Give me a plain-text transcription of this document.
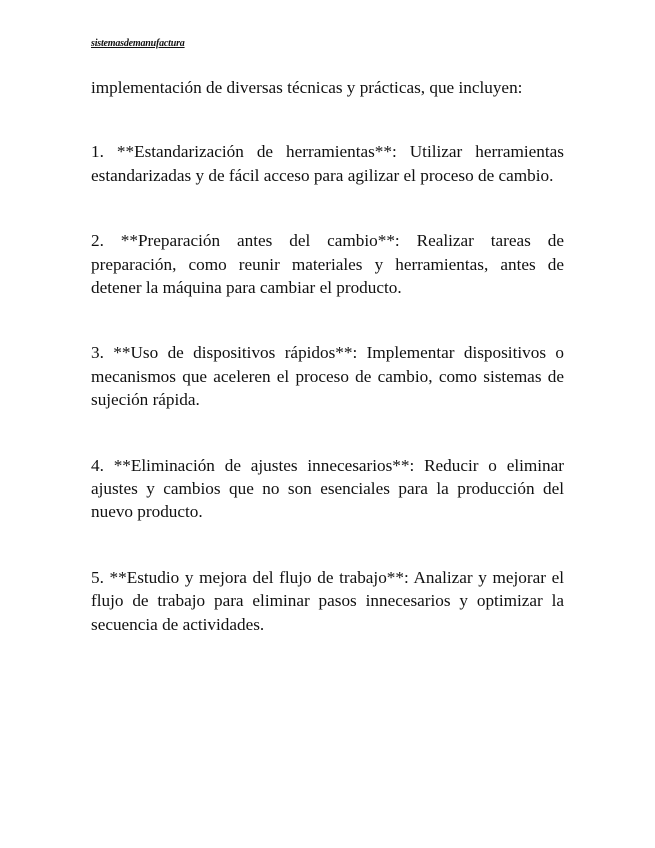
sistemasdemanufactura

implementación de diversas técnicas y prácticas, que incluyen:

1. **Estandarización de herramientas**: Utilizar herramientas estandarizadas y de fácil acceso para agilizar el proceso de cambio.

2. **Preparación antes del cambio**: Realizar tareas de preparación, como reunir materiales y herramientas, antes de detener la máquina para cambiar el producto.

3. **Uso de dispositivos rápidos**: Implementar dispositivos o mecanismos que aceleren el proceso de cambio, como sistemas de sujeción rápida.

4. **Eliminación de ajustes innecesarios**: Reducir o eliminar ajustes y cambios que no son esenciales para la producción del nuevo producto.

5. **Estudio y mejora del flujo de trabajo**: Analizar y mejorar el flujo de trabajo para eliminar pasos innecesarios y optimizar la secuencia de actividades.
